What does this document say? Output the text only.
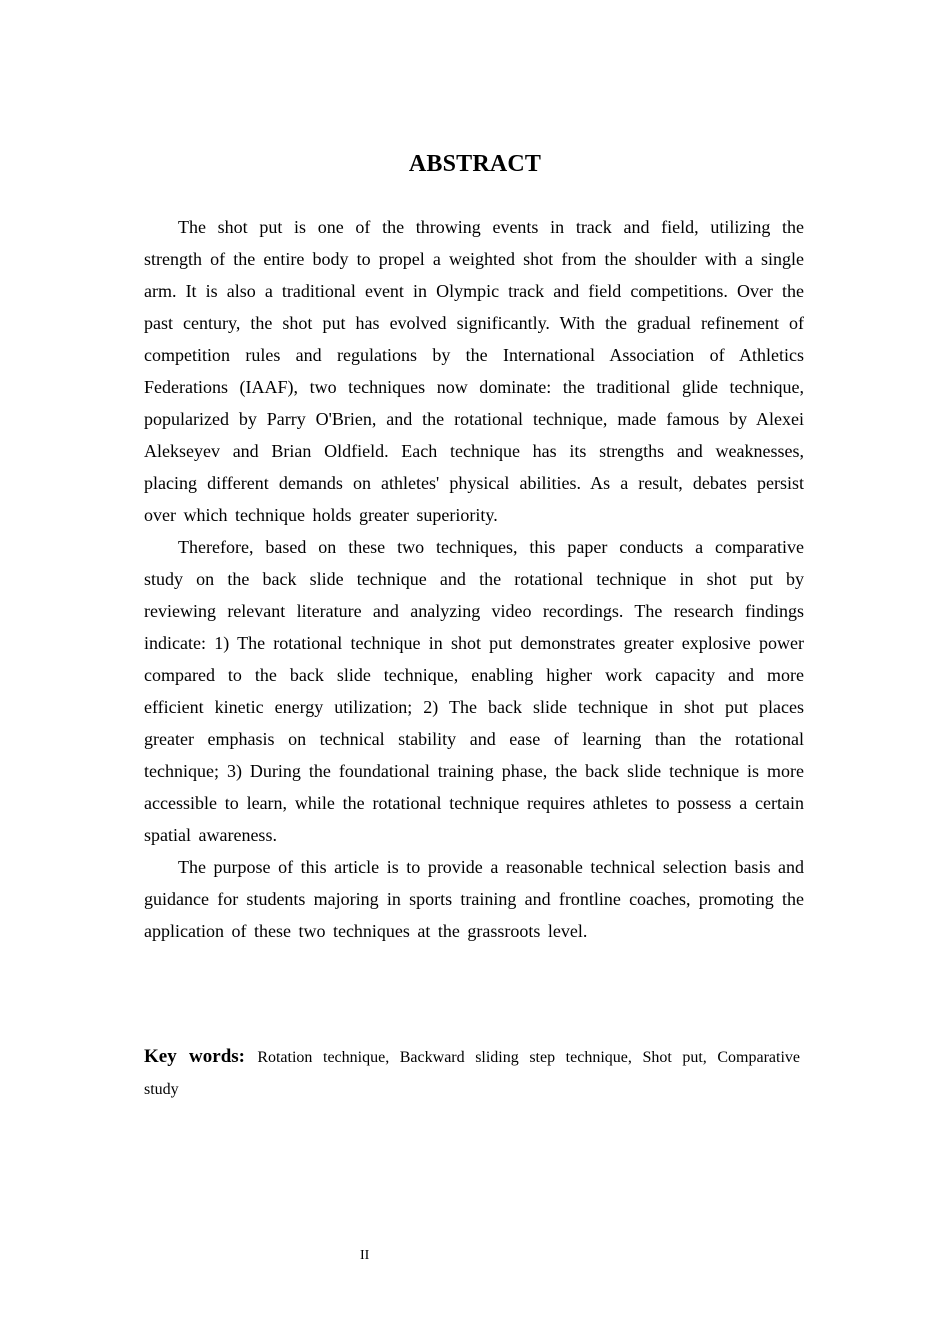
ABSTRACT

The shot put is one of the throwing events in track and field, utilizing the strength of the entire body to propel a weighted shot from the shoulder with a single arm. It is also a traditional event in Olympic track and field competitions. Over the past century, the shot put has evolved significantly. With the gradual refinement of competition rules and regulations by the International Association of Athletics Federations (IAAF), two techniques now dominate: the traditional glide technique, popularized by Parry O'Brien, and the rotational technique, made famous by Alexei Alekseyev and Brian Oldfield. Each technique has its strengths and weaknesses, placing different demands on athletes' physical abilities. As a result, debates persist over which technique holds greater superiority.

Therefore, based on these two techniques, this paper conducts a comparative study on the back slide technique and the rotational technique in shot put by reviewing relevant literature and analyzing video recordings. The research findings indicate: 1) The rotational technique in shot put demonstrates greater explosive power compared to the back slide technique, enabling higher work capacity and more efficient kinetic energy utilization; 2) The back slide technique in shot put places greater emphasis on technical stability and ease of learning than the rotational technique; 3) During the foundational training phase, the back slide technique is more accessible to learn, while the rotational technique requires athletes to possess a certain spatial awareness.

The purpose of this article is to provide a reasonable technical selection basis and guidance for students majoring in sports training and frontline coaches, promoting the application of these two techniques at the grassroots level.

Key words: Rotation technique, Backward sliding step technique, Shot put, Comparative study
II
